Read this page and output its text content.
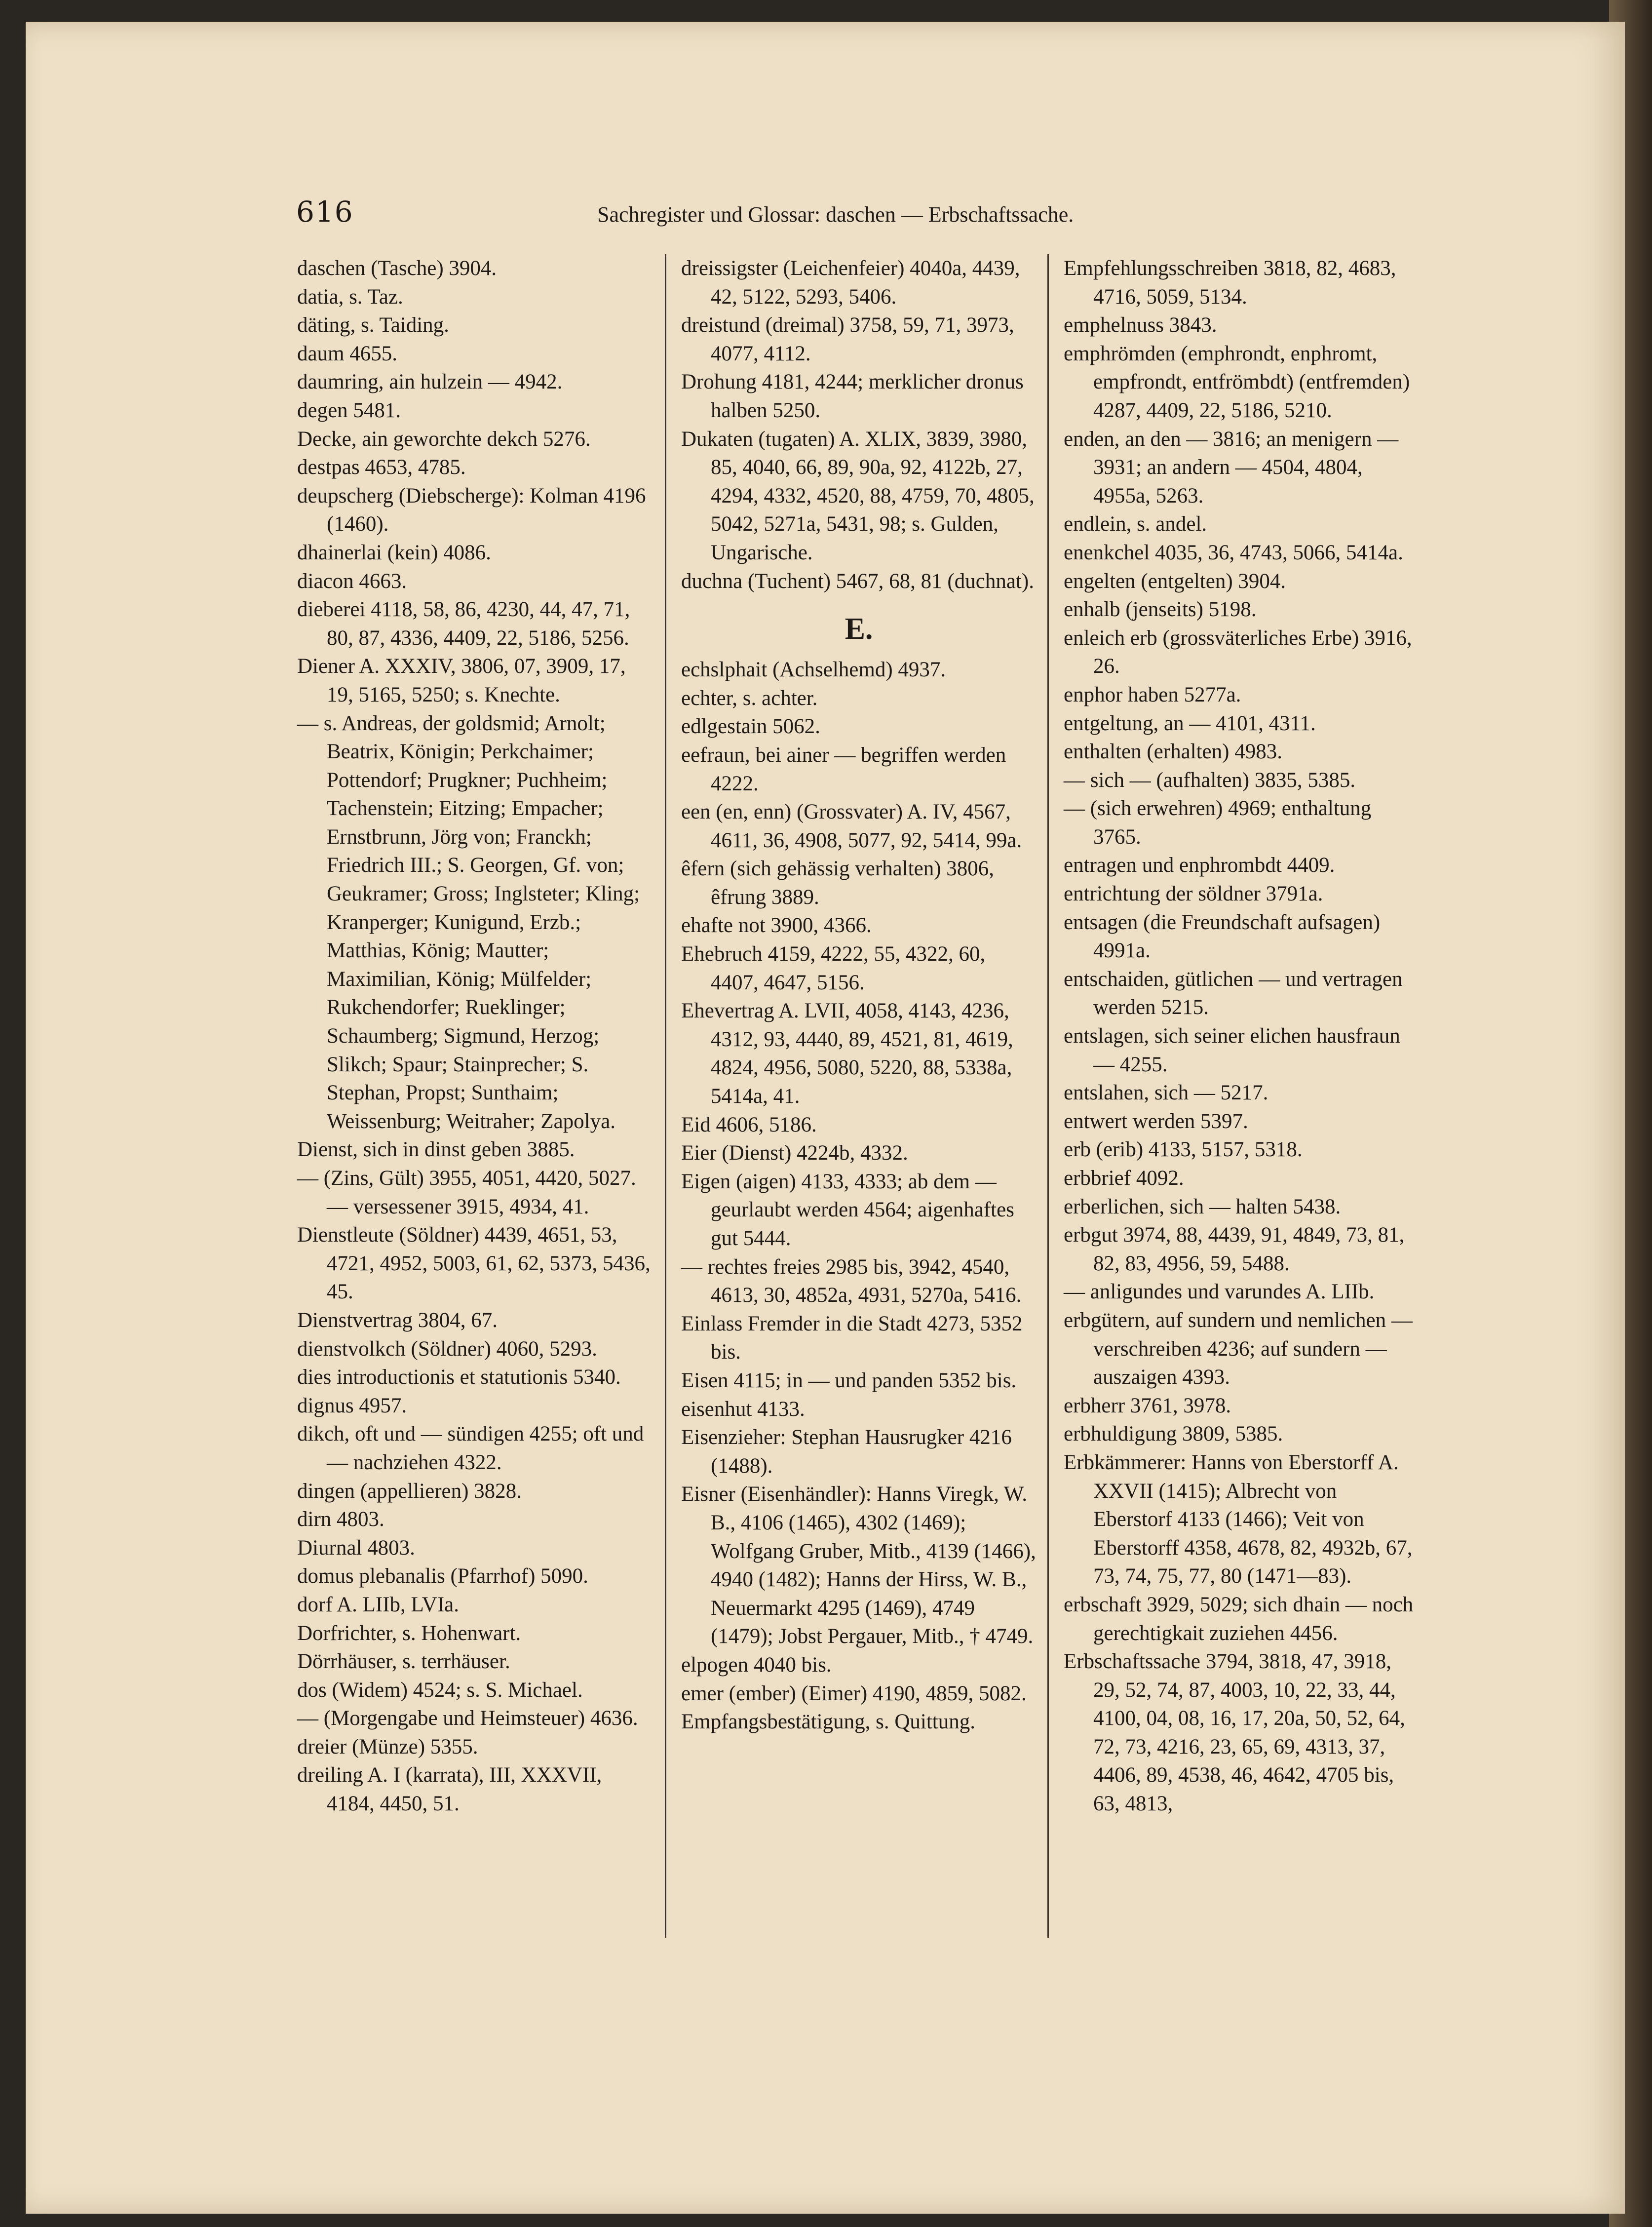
616	Sachregister und Glossar: daschen — Erbschaftssache.

daschen (Tasche) 3904.

datia, s. Taz.

däting, s. Taiding.

daum 4655.

daumring, ain hulzein — 4942.

degen 5481.

Decke, ain geworchte dekch 5276.

destpas 4653, 4785.

deupscherg (Diebscherge): Kolman 4196 (1460).

dhainerlai (kein) 4086.

diacon 4663.

dieberei 4118, 58, 86, 4230, 44, 47, 71, 80, 87, 4336, 4409, 22, 5186, 5256.

Diener A. XXXIV, 3806, 07, 3909, 17, 19, 5165, 5250; s. Knechte.

— s. Andreas, der goldsmid; Arnolt; Beatrix, Königin; Perkchaimer; Pottendorf; Prugkner; Puchheim; Tachenstein; Eitzing; Empacher; Ernstbrunn, Jörg von; Franckh; Friedrich III.; S. Georgen, Gf. von; Geukramer; Gross; Inglsteter; Kling; Kranperger; Kunigund, Erzb.; Matthias, König; Mautter; Maximilian, König; Mülfelder; Rukchendorfer; Rueklinger; Schaumberg; Sigmund, Herzog; Slikch; Spaur; Stainprecher; S. Stephan, Propst; Sunthaim; Weissenburg; Weitraher; Zapolya.

Dienst, sich in dinst geben 3885.

— (Zins, Gült) 3955, 4051, 4420, 5027. — versessener 3915, 4934, 41.

Dienstleute (Söldner) 4439, 4651, 53, 4721, 4952, 5003, 61, 62, 5373, 5436, 45.

Dienstvertrag 3804, 67.

dienstvolkch (Söldner) 4060, 5293.

dies introductionis et statutionis 5340.

dignus 4957.

dikch, oft und — sündigen 4255; oft und — nachziehen 4322.

dingen (appellieren) 3828.

dirn 4803.

Diurnal 4803.

domus plebanalis (Pfarrhof) 5090.

dorf A. LIIb, LVIa.

Dorfrichter, s. Hohenwart.

Dörrhäuser, s. terrhäuser.

dos (Widem) 4524; s. S. Michael.

— (Morgengabe und Heimsteuer) 4636.

dreier (Münze) 5355.

dreiling A. I (karrata), III, XXXVII, 4184, 4450, 51.

dreissigster (Leichenfeier) 4040a, 4439, 42, 5122, 5293, 5406.

dreistund (dreimal) 3758, 59, 71, 3973, 4077, 4112.

Drohung 4181, 4244; merklicher dronus halben 5250.

Dukaten (tugaten) A. XLIX, 3839, 3980, 85, 4040, 66, 89, 90a, 92, 4122b, 27, 4294, 4332, 4520, 88, 4759, 70, 4805, 5042, 5271a, 5431, 98; s. Gulden, Ungarische.

duchna (Tuchent) 5467, 68, 81 (duchnat).

E.

echslphait (Achselhemd) 4937.

echter, s. achter.

edlgestain 5062.

eefraun, bei ainer — begriffen werden 4222.

een (en, enn) (Grossvater) A. IV, 4567, 4611, 36, 4908, 5077, 92, 5414, 99a.

êfern (sich gehässig verhalten) 3806, êfrung 3889.

ehafte not 3900, 4366.

Ehebruch 4159, 4222, 55, 4322, 60, 4407, 4647, 5156.

Ehevertrag A. LVII, 4058, 4143, 4236, 4312, 93, 4440, 89, 4521, 81, 4619, 4824, 4956, 5080, 5220, 88, 5338a, 5414a, 41.

Eid 4606, 5186.

Eier (Dienst) 4224b, 4332.

Eigen (aigen) 4133, 4333; ab dem — geurlaubt werden 4564; aigenhaftes gut 5444.

— rechtes freies 2985 bis, 3942, 4540, 4613, 30, 4852a, 4931, 5270a, 5416.

Einlass Fremder in die Stadt 4273, 5352 bis.

Eisen 4115; in — und panden 5352 bis.

eisenhut 4133.

Eisenzieher: Stephan Hausrugker 4216 (1488).

Eisner (Eisenhändler): Hanns Viregk, W. B., 4106 (1465), 4302 (1469); Wolfgang Gruber, Mitb., 4139 (1466), 4940 (1482); Hanns der Hirss, W. B., Neuermarkt 4295 (1469), 4749 (1479); Jobst Pergauer, Mitb., † 4749.

elpogen 4040 bis.

emer (ember) (Eimer) 4190, 4859, 5082.

Empfangsbestätigung, s. Quittung.

Empfehlungsschreiben 3818, 82, 4683, 4716, 5059, 5134.

emphelnuss 3843.

emphrömden (emphrondt, enphromt, empfrondt, entfrömbdt) (entfremden) 4287, 4409, 22, 5186, 5210.

enden, an den — 3816; an menigern — 3931; an andern — 4504, 4804, 4955a, 5263.

endlein, s. andel.

enenkchel 4035, 36, 4743, 5066, 5414a.

engelten (entgelten) 3904.

enhalb (jenseits) 5198.

enleich erb (grossväterliches Erbe) 3916, 26.

enphor haben 5277a.

entgeltung, an — 4101, 4311.

enthalten (erhalten) 4983.

— sich — (aufhalten) 3835, 5385.

— (sich erwehren) 4969; enthaltung 3765.

entragen und enphrombdt 4409.

entrichtung der söldner 3791a.

entsagen (die Freundschaft aufsagen) 4991a.

entschaiden, gütlichen — und vertragen werden 5215.

entslagen, sich seiner elichen hausfraun — 4255.

entslahen, sich — 5217.

entwert werden 5397.

erb (erib) 4133, 5157, 5318.

erbbrief 4092.

erberlichen, sich — halten 5438.

erbgut 3974, 88, 4439, 91, 4849, 73, 81, 82, 83, 4956, 59, 5488.

— anligundes und varundes A. LIIb.

erbgütern, auf sundern und nemlichen — verschreiben 4236; auf sundern — auszaigen 4393.

erbherr 3761, 3978.

erbhuldigung 3809, 5385.

Erbkämmerer: Hanns von Eberstorff A. XXVII (1415); Albrecht von Eberstorf 4133 (1466); Veit von Eberstorff 4358, 4678, 82, 4932b, 67, 73, 74, 75, 77, 80 (1471—83).

erbschaft 3929, 5029; sich dhain — noch gerechtigkait zuziehen 4456.

Erbschaftssache 3794, 3818, 47, 3918, 29, 52, 74, 87, 4003, 10, 22, 33, 44, 4100, 04, 08, 16, 17, 20a, 50, 52, 64, 72, 73, 4216, 23, 65, 69, 4313, 37, 4406, 89, 4538, 46, 4642, 4705 bis, 63, 4813,
